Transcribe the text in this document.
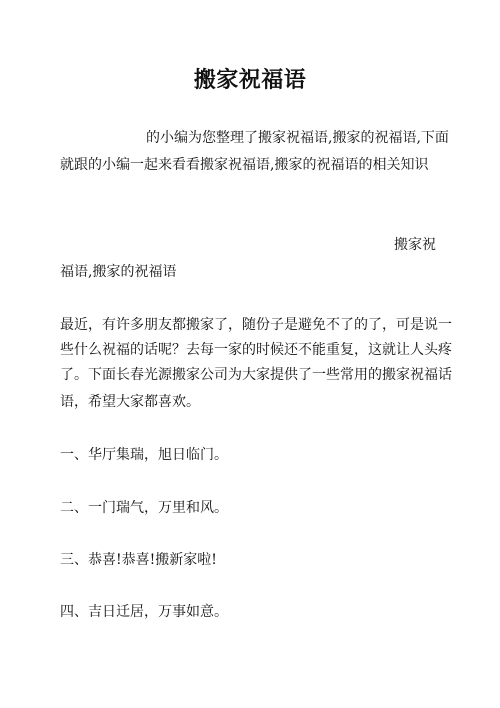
搬家祝福语
的小编为您整理了搬家祝福语,搬家的祝福语,下面
就跟的小编一起来看看搬家祝福语,搬家的祝福语的相关知识
搬家祝
福语,搬家的祝福语
最近，有许多朋友都搬家了，随份子是避免不了的了，可是说一
些什么祝福的话呢？去每一家的时候还不能重复，这就让人头疼
了。下面长春光源搬家公司为大家提供了一些常用的搬家祝福话
语，希望大家都喜欢。
一、华厅集瑞，旭日临门。
二、一门瑞气，万里和风。
三、恭喜!恭喜!搬新家啦!
四、吉日迁居，万事如意。
